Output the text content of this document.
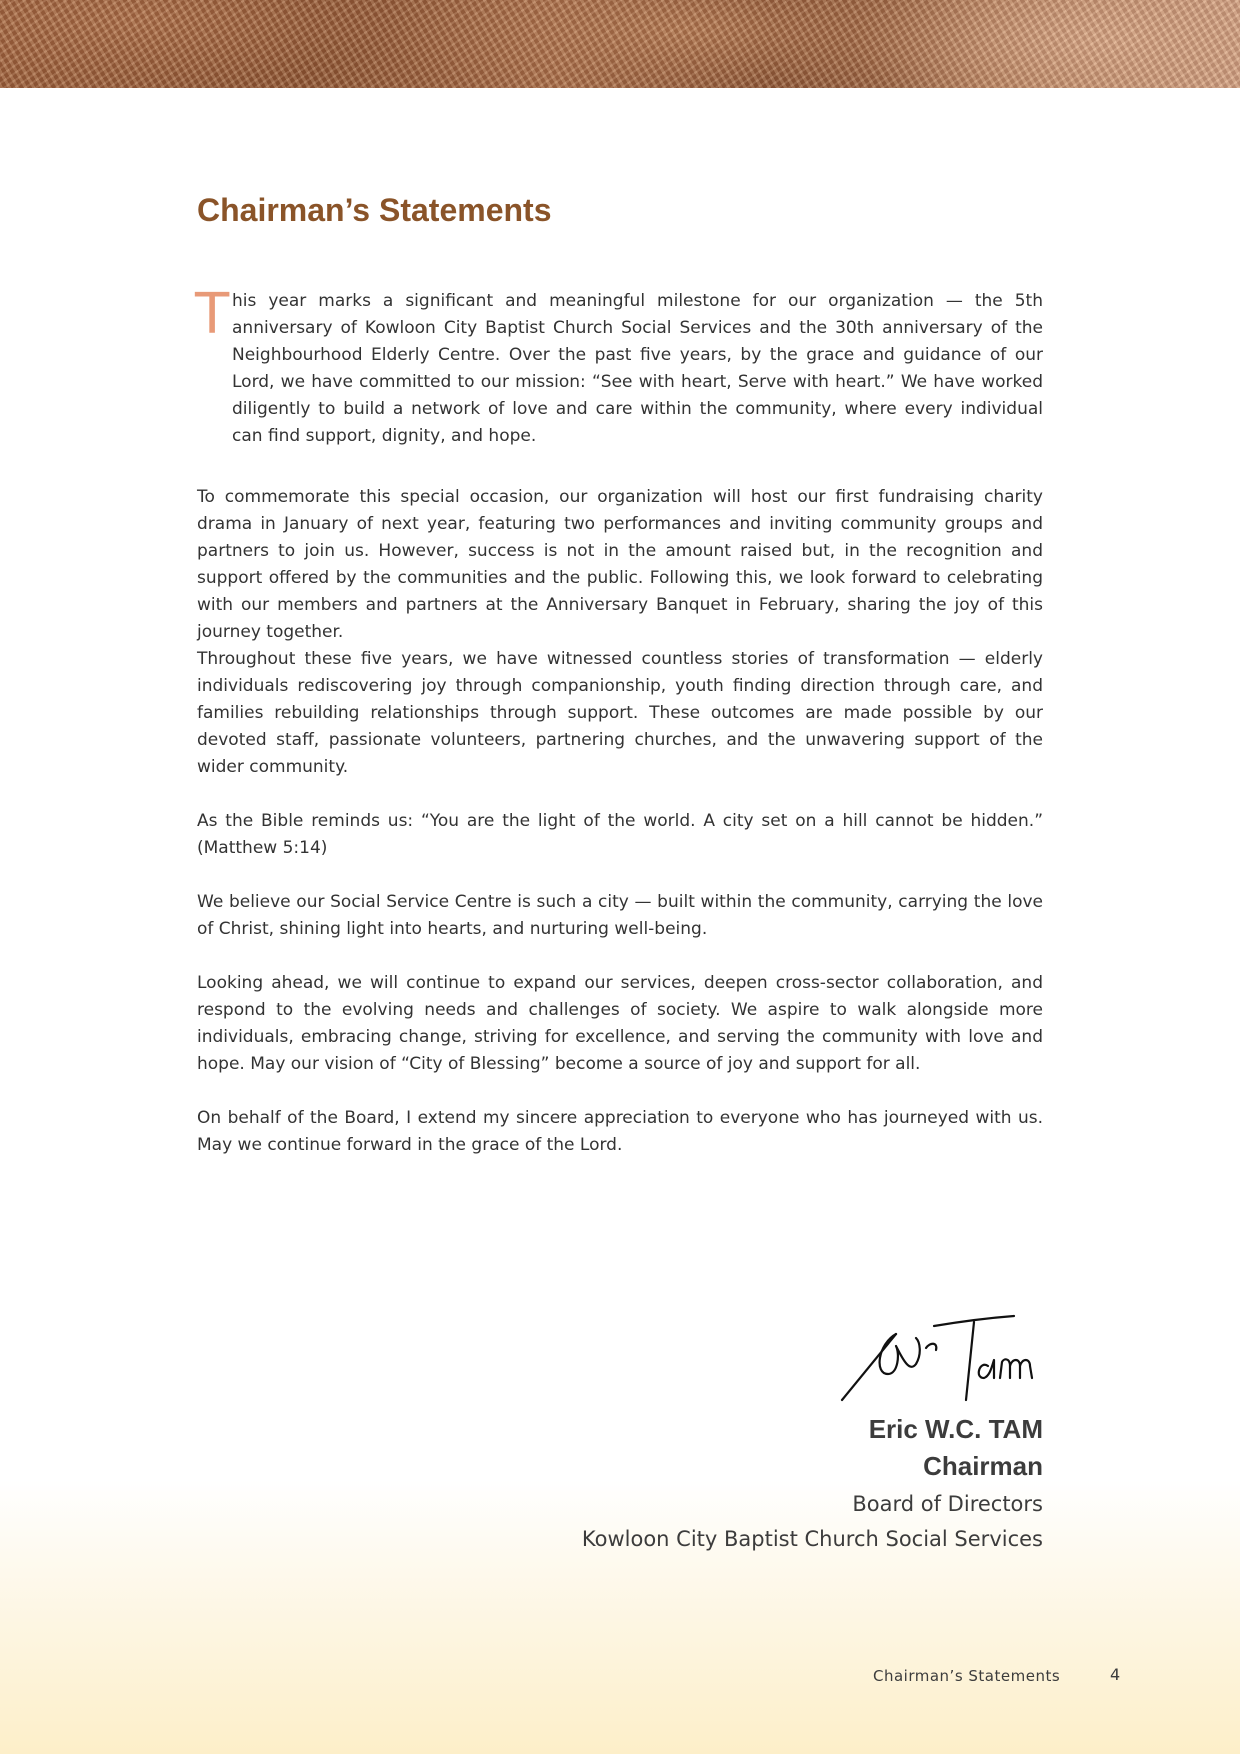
Chairman’s Statements
T his year marks a significant and meaningful milestone for our organization — the 5th anniversary of Kowloon City Baptist Church Social Services and the 30th anniversary of the Neighbourhood Elderly Centre. Over the past five years, by the grace and guidance of our Lord, we have committed to our mission: “See with heart, Serve with heart.” We have worked diligently to build a network of love and care within the community, where every individual can find support, dignity, and hope.

To commemorate this special occasion, our organization will host our first fundraising charity drama in January of next year, featuring two performances and inviting community groups and partners to join us. However, success is not in the amount raised but, in the recognition and support offered by the communities and the public. Following this, we look forward to celebrating with our members and partners at the Anniversary Banquet in February, sharing the joy of this journey together.

Throughout these five years, we have witnessed countless stories of transformation — elderly individuals rediscovering joy through companionship, youth finding direction through care, and families rebuilding relationships through support. These outcomes are made possible by our devoted staff, passionate volunteers, partnering churches, and the unwavering support of the wider community.

As the Bible reminds us: “You are the light of the world. A city set on a hill cannot be hidden.” (Matthew 5:14)

We believe our Social Service Centre is such a city — built within the community, carrying the love of Christ, shining light into hearts, and nurturing well-being.

Looking ahead, we will continue to expand our services, deepen cross-sector collaboration, and respond to the evolving needs and challenges of society. We aspire to walk alongside more individuals, embracing change, striving for excellence, and serving the community with love and hope. May our vision of “City of Blessing” become a source of joy and support for all.

On behalf of the Board, I extend my sincere appreciation to everyone who has journeyed with us. May we continue forward in the grace of the Lord.

Eric W.C. TAM

Chairman

Board of Directors

Kowloon City Baptist Church Social Services

Chairman’s Statements	4
